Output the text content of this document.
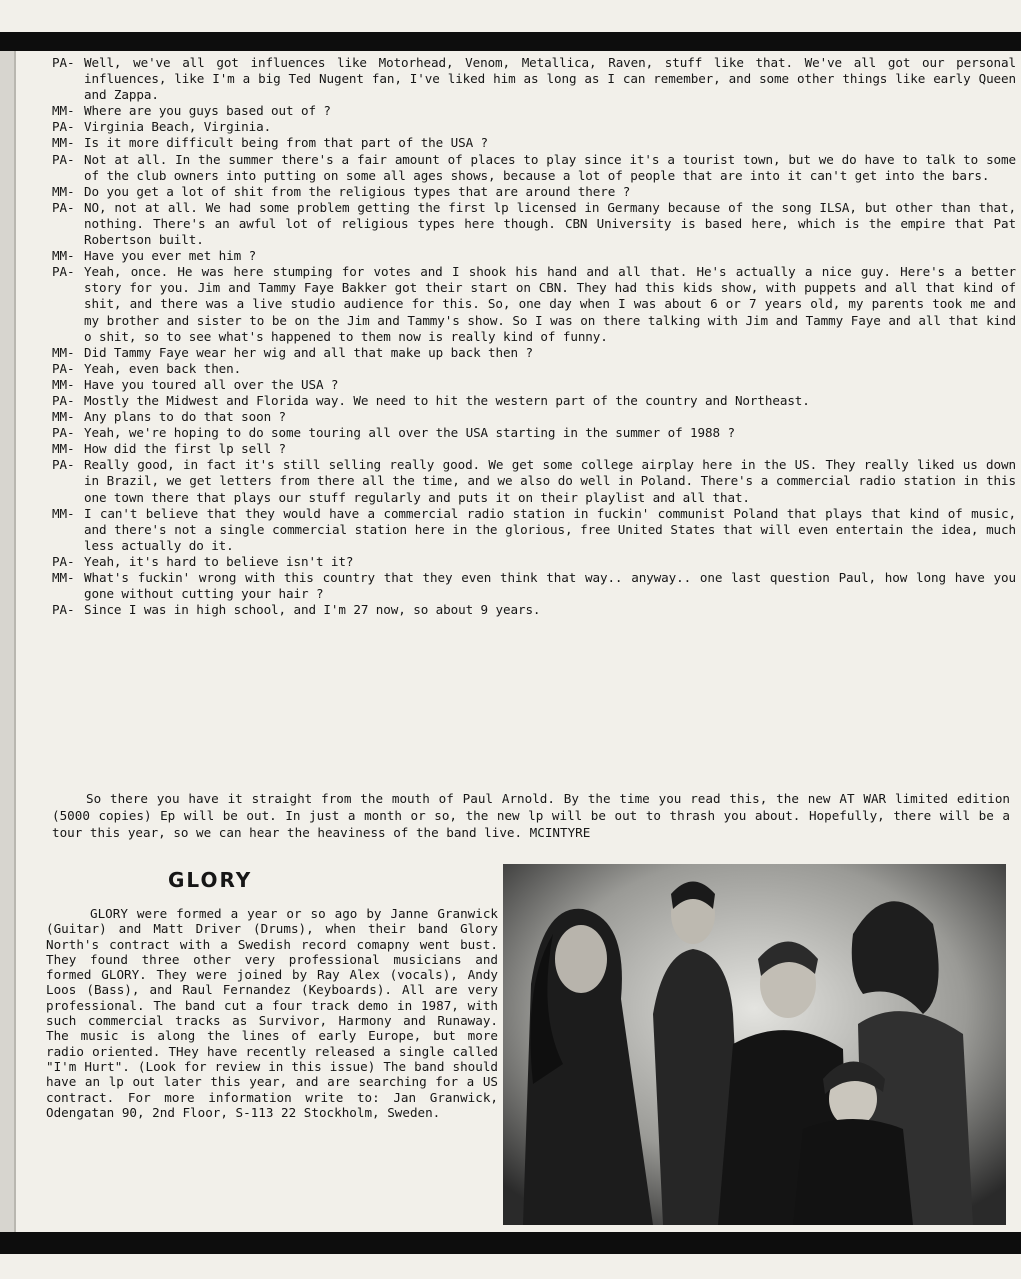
PA- Well, we've all got influences like Motorhead, Venom, Metallica, Raven, stuff like that. We've all got our personal influences, like I'm a big Ted Nugent fan, I've liked him as long as I can remember, and some other things like early Queen and Zappa.
MM- Where are you guys based out of ?
PA- Virginia Beach, Virginia.
MM- Is it more difficult being from that part of the USA ?
PA- Not at all. In the summer there's a fair amount of places to play since it's a tourist town, but we do have to talk to some of the club owners into putting on some all ages shows, because a lot of people that are into it can't get into the bars.
MM- Do you get a lot of shit from the religious types that are around there ?
PA- NO, not at all. We had some problem getting the first lp licensed in Germany because of the song ILSA, but other than that, nothing. There's an awful lot of religious types here though. CBN University is based here, which is the empire that Pat Robertson built.
MM- Have you ever met him ?
PA- Yeah, once. He was here stumping for votes and I shook his hand and all that. He's actually a nice guy. Here's a better story for you. Jim and Tammy Faye Bakker got their start on CBN. They had this kids show, with puppets and all that kind of shit, and there was a live studio audience for this. So, one day when I was about 6 or 7 years old, my parents took me and my brother and sister to be on the Jim and Tammy's show. So I was on there talking with Jim and Tammy Faye and all that kind o shit, so to see what's happened to them now is really kind of funny.
MM- Did Tammy Faye wear her wig and all that make up back then ?
PA- Yeah, even back then.
MM- Have you toured all over the USA ?
PA- Mostly the Midwest and Florida way. We need to hit the western part of the country and Northeast.
MM- Any plans to do that soon ?
PA- Yeah, we're hoping to do some touring all over the USA starting in the summer of 1988 ?
MM- How did the first lp sell ?
PA- Really good, in fact it's still selling really good. We get some college airplay here in the US. They really liked us down in Brazil, we get letters from there all the time, and we also do well in Poland. There's a commercial radio station in this one town there that plays our stuff regularly and puts it on their playlist and all that.
MM- I can't believe that they would have a commercial radio station in fuckin' communist Poland that plays that kind of music, and there's not a single commercial station here in the glorious, free United States that will even entertain the idea, much less actually do it.
PA- Yeah, it's hard to believe isn't it?
MM- What's fuckin' wrong with this country that they even think that way.. anyway.. one last question Paul, how long have you gone without cutting your hair ?
PA- Since I was in high school, and I'm 27 now, so about 9 years.
So there you have it straight from the mouth of Paul Arnold. By the time you read this, the new AT WAR limited edition (5000 copies) Ep will be out. In just a month or so, the new lp will be out to thrash you about. Hopefully, there will be a tour this year, so we can hear the heaviness of the band live. MCINTYRE
GLORY
GLORY were formed a year or so ago by Janne Granwick (Guitar) and Matt Driver (Drums), when their band Glory North's contract with a Swedish record comapny went bust. They found three other very professional musicians and formed GLORY. They were joined by Ray Alex (vocals), Andy Loos (Bass), and Raul Fernandez (Keyboards). All are very professional. The band cut a four track demo in 1987, with such commercial tracks as Survivor, Harmony and Runaway. The music is along the lines of early Europe, but more radio oriented. THey have recently released a single called "I'm Hurt". (Look for review in this issue) The band should have an lp out later this year, and are searching for a US contract. For more information write to: Jan Granwick, Odengatan 90, 2nd Floor, S-113 22 Stockholm, Sweden.
